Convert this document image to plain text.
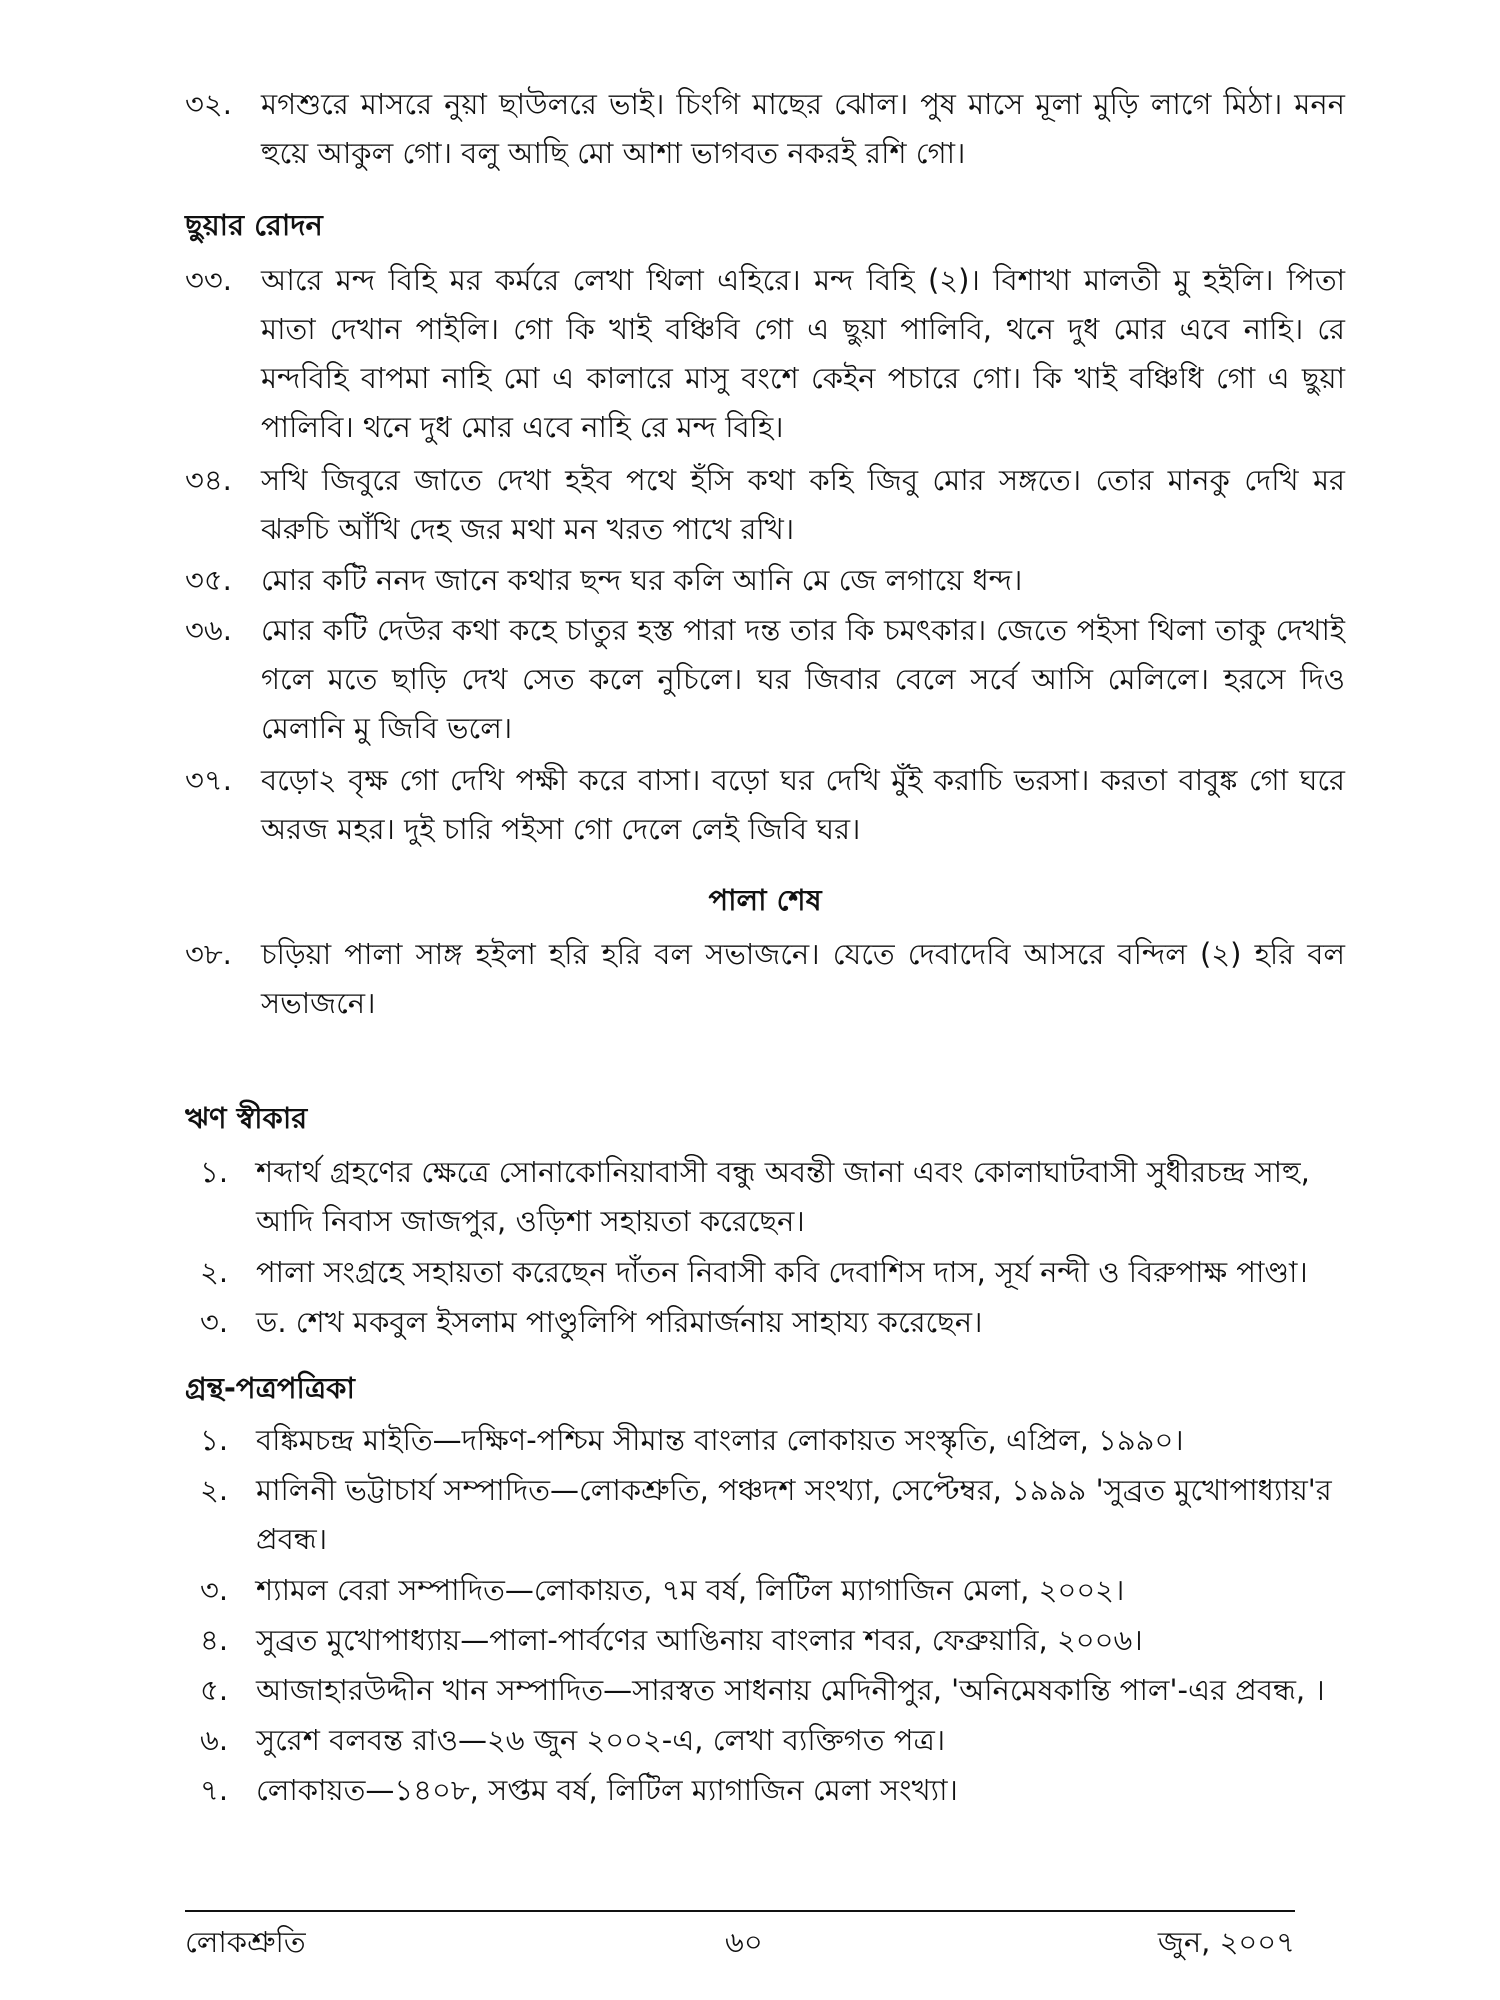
৩২.	মগশুরে মাসরে নুয়া ছাউলরে ভাই। চিংগি মাছের ঝোল। পুষ মাসে মূলা মুড়ি লাগে মিঠা। মনন হুয়ে আকুল গো। বলু আছি মো আশা ভাগবত নকরই রশি গো।
ছুয়ার রোদন
৩৩.	আরে মন্দ বিহি মর কর্মরে লেখা থিলা এহিরে। মন্দ বিহি (২)। বিশাখা মালতী মু হইলি। পিতা মাতা দেখান পাইলি। গো কি খাই বঞ্চিবি গো এ ছুয়া পালিবি, থনে দুধ মোর এবে নাহি। রে মন্দবিহি বাপমা নাহি মো এ কালারে মাসু বংশে কেইন পচারে গো। কি খাই বঞ্চিধি গো এ ছুয়া পালিবি। থনে দুধ মোর এবে নাহি রে মন্দ বিহি।
৩৪.	সখি জিবুরে জাতে দেখা হইব পথে হঁসি কথা কহি জিবু মোর সঙ্গতে। তোর মানকু দেখি মর ঝরুচি আঁখি দেহ জর মথা মন খরত পাখে রখি।
৩৫.	মোর কটি ননদ জানে কথার ছন্দ ঘর কলি আনি মে জে লগায়ে ধন্দ।
৩৬.	মোর কটি দেউর কথা কহে চাতুর হস্ত পারা দন্ত তার কি চমৎকার। জেতে পইসা থিলা তাকু দেখাই গলে মতে ছাড়ি দেখ সেত কলে নুচিলে। ঘর জিবার বেলে সর্বে আসি মেলিলে। হরসে দিও মেলানি মু জিবি ভলে।
৩৭.	বড়ো২ বৃক্ষ গো দেখি পক্ষী করে বাসা। বড়ো ঘর দেখি মুঁই করাচি ভরসা। করতা বাবুঙ্ক গো ঘরে অরজ মহর। দুই চারি পইসা গো দেলে লেই জিবি ঘর।
পালা শেষ
৩৮.	চড়িয়া পালা সাঙ্গ হইলা হরি হরি বল সভাজনে। যেতে দেবাদেবি আসরে বন্দিল (২) হরি বল সভাজনে।
ঋণ স্বীকার
১. শব্দার্থ গ্রহণের ক্ষেত্রে সোনাকোনিয়াবাসী বন্ধু অবন্তী জানা এবং কোলাঘাটবাসী সুধীরচন্দ্র সাহু, আদি নিবাস জাজপুর, ওড়িশা সহায়তা করেছেন।
২. পালা সংগ্রহে সহায়তা করেছেন দাঁতন নিবাসী কবি দেবাশিস দাস, সূর্য নন্দী ও বিরুপাক্ষ পাণ্ডা।
৩. ড. শেখ মকবুল ইসলাম পাণ্ডুলিপি পরিমার্জনায় সাহায্য করেছেন।
গ্রন্থ-পত্রপত্রিকা
১. বঙ্কিমচন্দ্র মাইতি—দক্ষিণ-পশ্চিম সীমান্ত বাংলার লোকায়ত সংস্কৃতি, এপ্রিল, ১৯৯০।
২. মালিনী ভট্টাচার্য সম্পাদিত—লোকশ্রুতি, পঞ্চদশ সংখ্যা, সেপ্টেম্বর, ১৯৯৯ 'সুব্রত মুখোপাধ্যায়'র প্রবন্ধ।
৩. শ্যামল বেরা সম্পাদিত—লোকায়ত, ৭ম বর্ষ, লিটিল ম্যাগাজিন মেলা, ২০০২।
৪. সুব্রত মুখোপাধ্যায়—পালা-পার্বণের আঙিনায় বাংলার শবর, ফেব্রুয়ারি, ২০০৬।
৫. আজাহারউদ্দীন খান সম্পাদিত—সারস্বত সাধনায় মেদিনীপুর, 'অনিমেষকান্তি পাল'-এর প্রবন্ধ, ।
৬. সুরেশ বলবন্ত রাও—২৬ জুন ২০০২-এ, লেখা ব্যক্তিগত পত্র।
৭. লোকায়ত—১৪০৮, সপ্তম বর্ষ, লিটিল ম্যাগাজিন মেলা সংখ্যা।
লোকশ্রুতি	৬০	জুন, ২০০৭
